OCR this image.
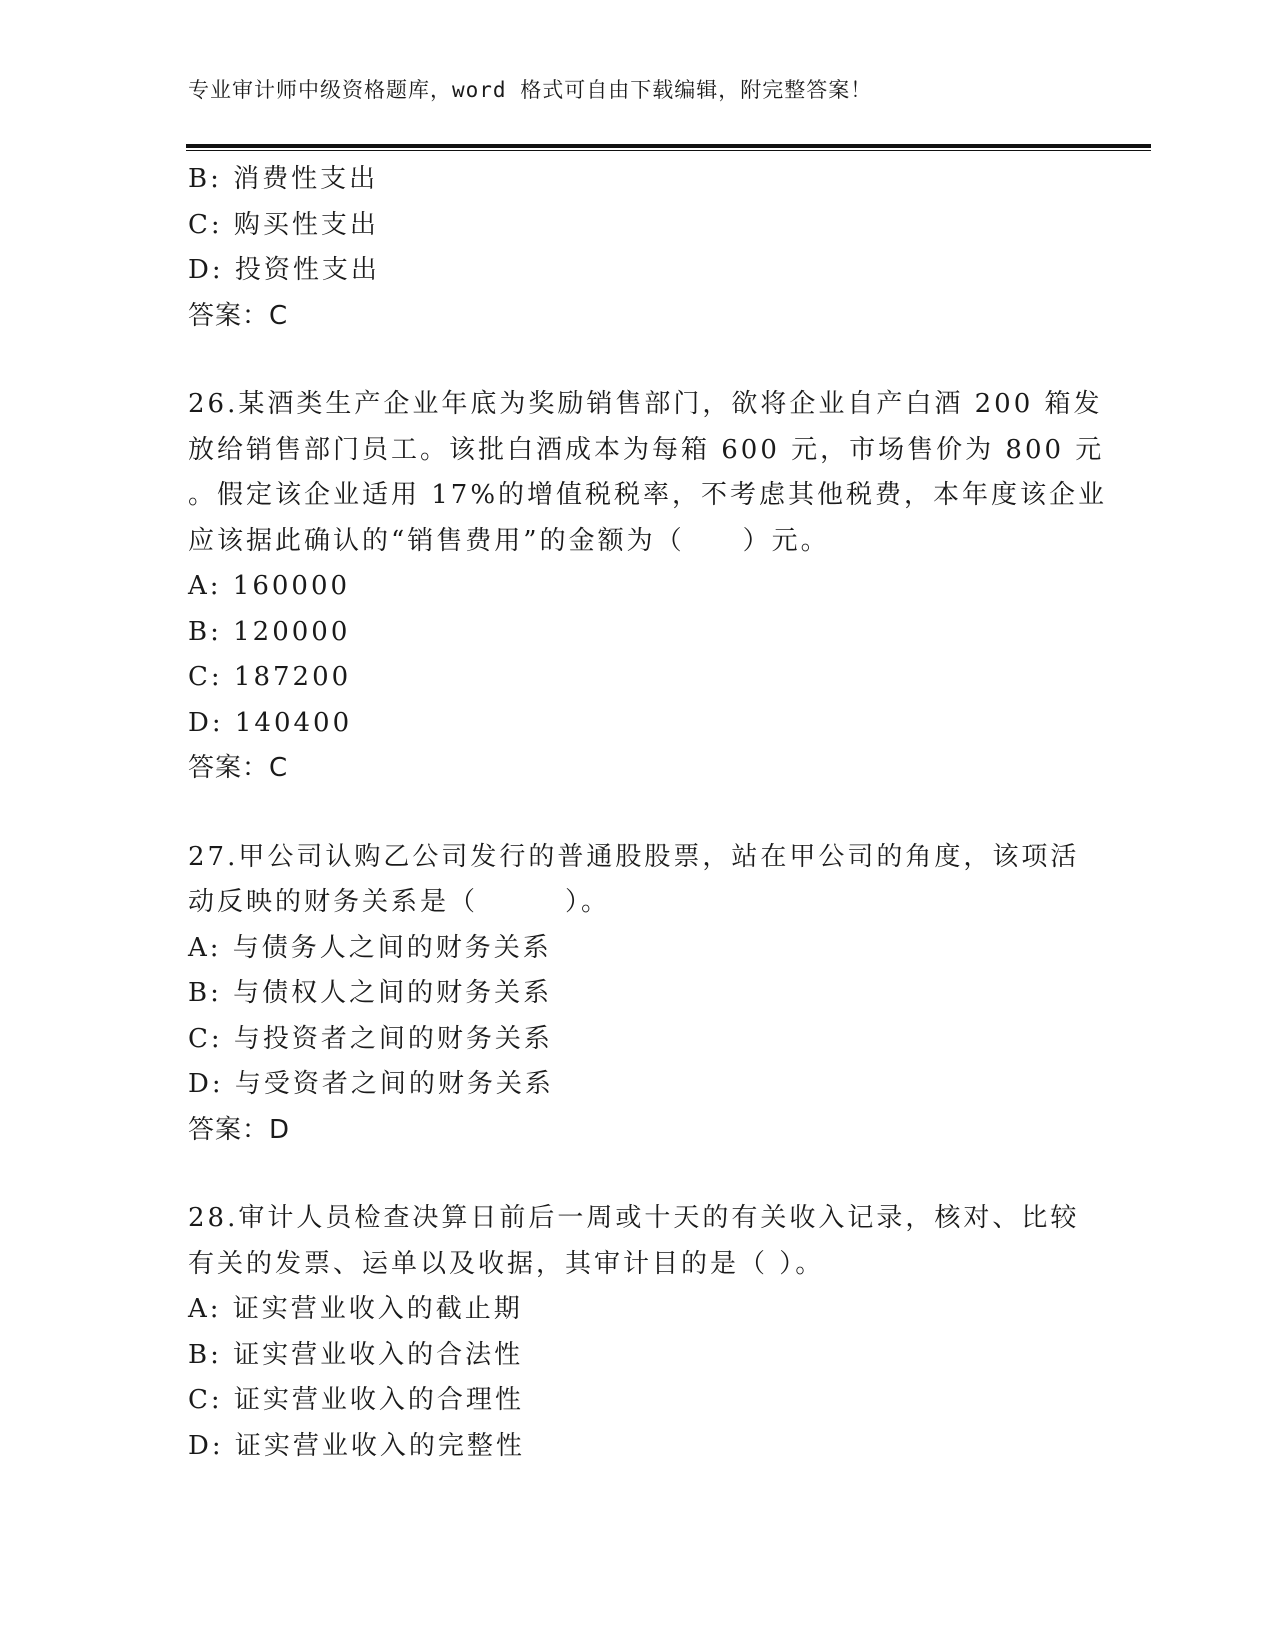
专业审计师中级资格题库，word 格式可自由下载编辑，附完整答案！
B: 消费性支出
C: 购买性支出
D: 投资性支出
答案：C
26.某酒类生产企业年底为奖励销售部门，欲将企业自产白酒 200 箱发
放给销售部门员工。该批白酒成本为每箱 600 元，市场售价为 800 元
。假定该企业适用 17%的增值税税率，不考虑其他税费，本年度该企业
应该据此确认的“销售费用”的金额为（　　）元。
A: 160000
B: 120000
C: 187200
D: 140400
答案：C
27.甲公司认购乙公司发行的普通股股票，站在甲公司的角度，该项活
动反映的财务关系是（　　　）。
A: 与债务人之间的财务关系
B: 与债权人之间的财务关系
C: 与投资者之间的财务关系
D: 与受资者之间的财务关系
答案：D
28.审计人员检查决算日前后一周或十天的有关收入记录，核对、比较
有关的发票、运单以及收据，其审计目的是（ ）。
A: 证实营业收入的截止期
B: 证实营业收入的合法性
C: 证实营业收入的合理性
D: 证实营业收入的完整性
